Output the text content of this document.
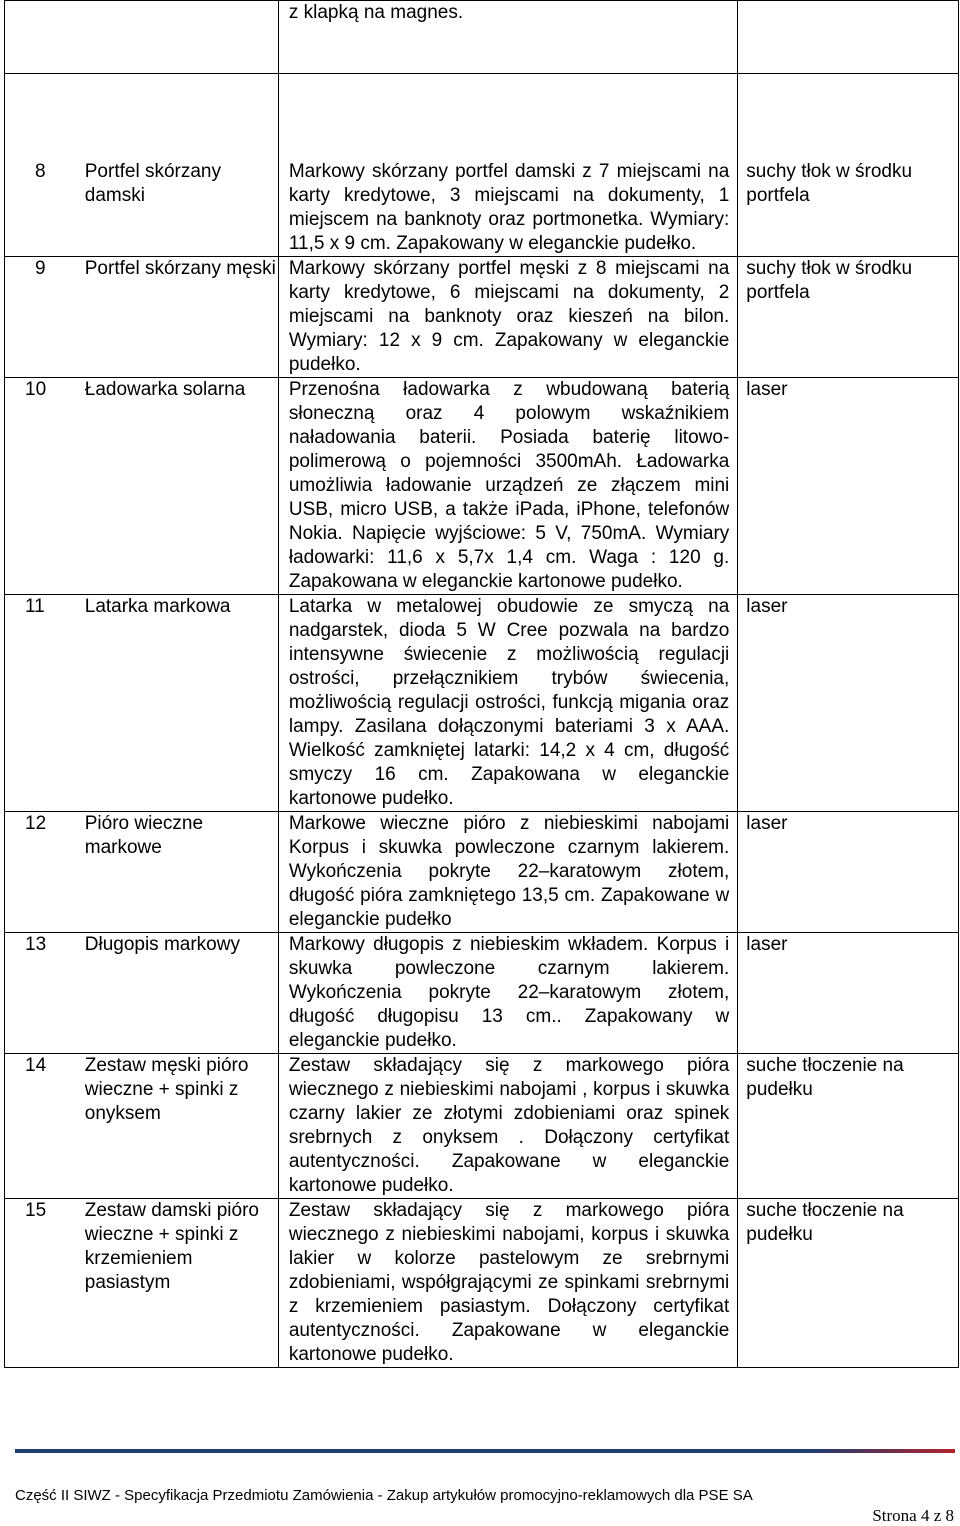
		z klapką na magnes.	

8	Portfel skórzany damski	Markowy skórzany portfel damski z 7 miejscami na karty kredytowe, 3 miejscami na dokumenty, 1 miejscem na banknoty oraz portmonetka. Wymiary: 11,5 x 9 cm. Zapakowany w eleganckie pudełko.	suchy tłok w środku portfela

9	Portfel skórzany męski	Markowy skórzany portfel męski z 8 miejscami na karty kredytowe, 6 miejscami na dokumenty, 2 miejscami na banknoty oraz kieszeń na bilon. Wymiary: 12 x 9 cm. Zapakowany w eleganckie pudełko.	suchy tłok w środku portfela

10	Ładowarka solarna	Przenośna ładowarka z wbudowaną baterią słoneczną oraz 4 polowym wskaźnikiem naładowania baterii. Posiada baterię litowo-polimerową o pojemności 3500mAh. Ładowarka umożliwia ładowanie urządzeń ze złączem mini USB, micro USB, a także iPada, iPhone, telefonów Nokia. Napięcie wyjściowe: 5 V, 750mA. Wymiary ładowarki: 11,6 x 5,7x 1,4 cm. Waga : 120 g. Zapakowana w eleganckie kartonowe pudełko.	laser

11	Latarka markowa	Latarka w metalowej obudowie ze smyczą na nadgarstek, dioda 5 W Cree pozwala na bardzo intensywne świecenie z możliwością regulacji ostrości, przełącznikiem trybów świecenia, możliwością regulacji ostrości, funkcją migania oraz lampy. Zasilana dołączonymi bateriami 3 x AAA. Wielkość zamkniętej latarki: 14,2 x 4 cm, długość smyczy 16 cm. Zapakowana w eleganckie kartonowe pudełko.	laser

12	Pióro wieczne markowe	Markowe wieczne pióro z niebieskimi nabojami Korpus i skuwka powleczone czarnym lakierem. Wykończenia pokryte 22–karatowym złotem, długość pióra zamkniętego 13,5 cm. Zapakowane w eleganckie pudełko	laser

13	Długopis markowy	Markowy długopis z niebieskim wkładem. Korpus i skuwka powleczone czarnym lakierem. Wykończenia pokryte 22–karatowym złotem, długość długopisu 13 cm.. Zapakowany w eleganckie pudełko.	laser

14	Zestaw męski pióro wieczne + spinki z onyksem	Zestaw składający się z markowego pióra wiecznego z niebieskimi nabojami , korpus i skuwka czarny lakier ze złotymi zdobieniami oraz spinek srebrnych z onyksem . Dołączony certyfikat autentyczności. Zapakowane w eleganckie kartonowe pudełko.	suche tłoczenie na pudełku

15	Zestaw damski pióro wieczne + spinki z krzemieniem pasiastym	Zestaw składający się z markowego pióra wiecznego z niebieskimi nabojami, korpus i skuwka lakier w kolorze pastelowym ze srebrnymi zdobieniami, współgrającymi ze spinkami srebrnymi z krzemieniem pasiastym. Dołączony certyfikat autentyczności. Zapakowane w eleganckie kartonowe pudełko.	suche tłoczenie na pudełku
Część II SIWZ - Specyfikacja Przedmiotu Zamówienia - Zakup artykułów promocyjno-reklamowych dla PSE SA
Strona 4 z 8
